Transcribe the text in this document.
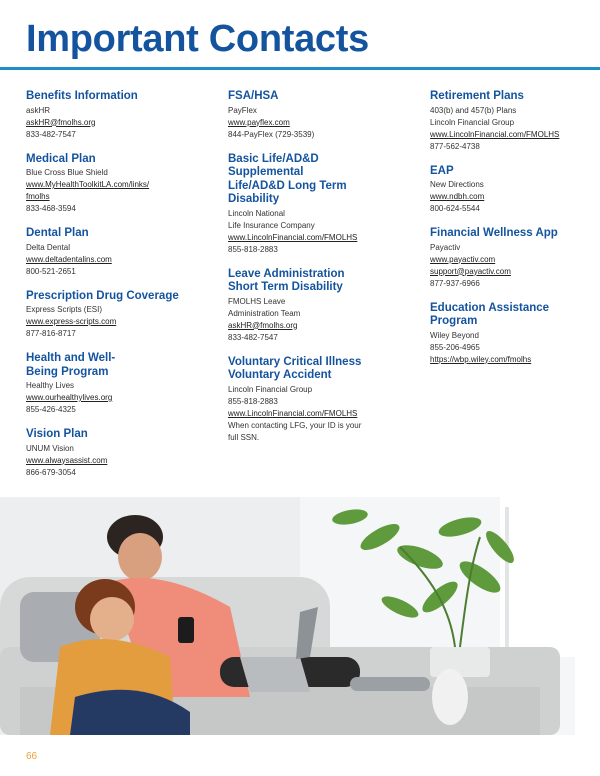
Important Contacts
Benefits Information
askHR
askHR@fmolhs.org
833-482-7547
Medical Plan
Blue Cross Blue Shield
www.MyHealthToolkitLA.com/links/
fmolhs
833-468-3594
Dental Plan
Delta Dental
www.deltadentalins.com
800-521-2651
Prescription Drug Coverage
Express Scripts (ESI)
www.express-scripts.com
877-816-8717
Health and Well-Being Program
Healthy Lives
www.ourhealthylives.org
855-426-4325
Vision Plan
UNUM Vision
www.alwaysassist.com
866-679-3054
FSA/HSA
PayFlex
www.payflex.com
844-PayFlex (729-3539)
Basic Life/AD&D Supplemental Life/AD&D Long Term Disability
Lincoln National
Life Insurance Company
www.LincolnFinancial.com/FMOLHS
855-818-2883
Leave Administration Short Term Disability
FMOLHS Leave
Administration Team
askHR@fmolhs.org
833-482-7547
Voluntary Critical Illness Voluntary Accident
Lincoln Financial Group
855-818-2883
www.LincolnFinancial.com/FMOLHS
When contacting LFG, your ID is your
full SSN.
Retirement Plans
403(b) and 457(b) Plans
Lincoln Financial Group
www.LincolnFinancial.com/FMOLHS
877-562-4738
EAP
New Directions
www.ndbh.com
800-624-5544
Financial Wellness App
Payactiv
www.payactiv.com
support@payactiv.com
877-937-6966
Education Assistance Program
Wiley Beyond
855-206-4965
https://wbp.wiley.com/fmolhs
66
